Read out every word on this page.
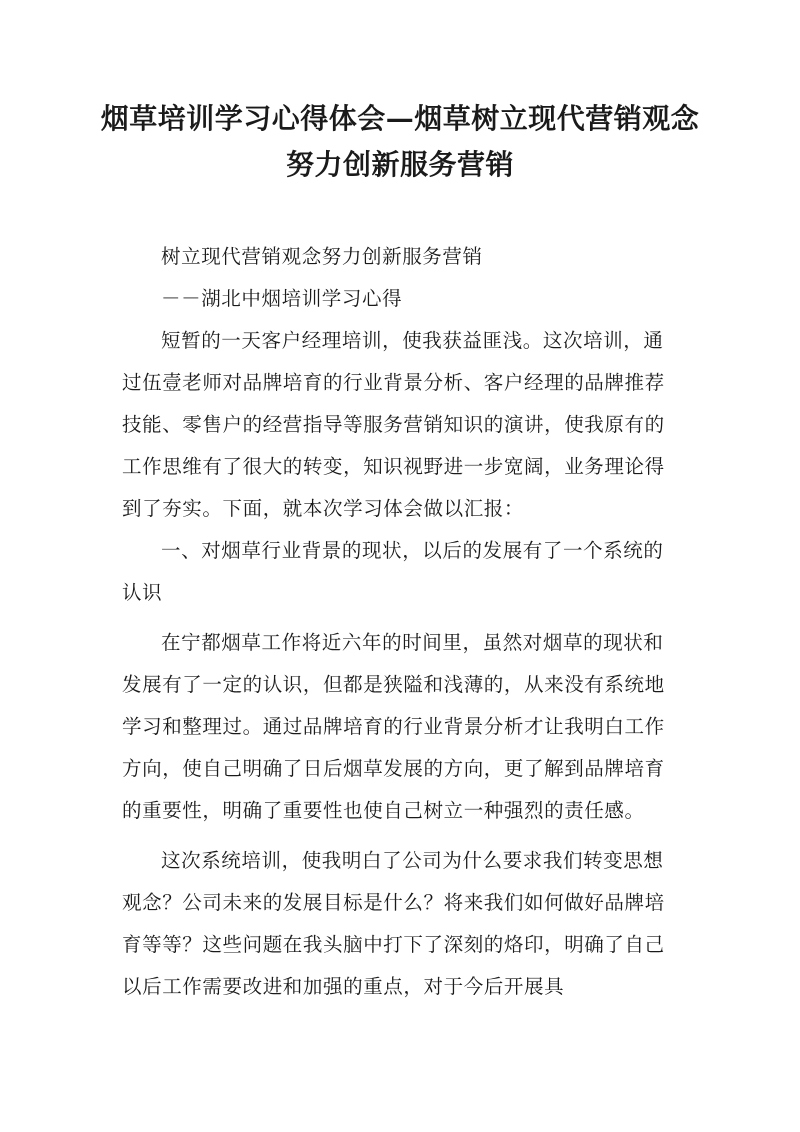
烟草培训学习心得体会—烟草树立现代营销观念努力创新服务营销

树立现代营销观念努力创新服务营销

－－湖北中烟培训学习心得

短暂的一天客户经理培训，使我获益匪浅。这次培训，通过伍壹老师对品牌培育的行业背景分析、客户经理的品牌推荐技能、零售户的经营指导等服务营销知识的演讲，使我原有的工作思维有了很大的转变，知识视野进一步宽阔，业务理论得到了夯实。下面，就本次学习体会做以汇报：

一、对烟草行业背景的现状，以后的发展有了一个系统的认识

在宁都烟草工作将近六年的时间里，虽然对烟草的现状和发展有了一定的认识，但都是狭隘和浅薄的，从来没有系统地学习和整理过。通过品牌培育的行业背景分析才让我明白工作方向，使自己明确了日后烟草发展的方向，更了解到品牌培育的重要性，明确了重要性也使自己树立一种强烈的责任感。

这次系统培训，使我明白了公司为什么要求我们转变思想观念？公司未来的发展目标是什么？将来我们如何做好品牌培育等等？这些问题在我头脑中打下了深刻的烙印，明确了自己以后工作需要改进和加强的重点，对于今后开展具
